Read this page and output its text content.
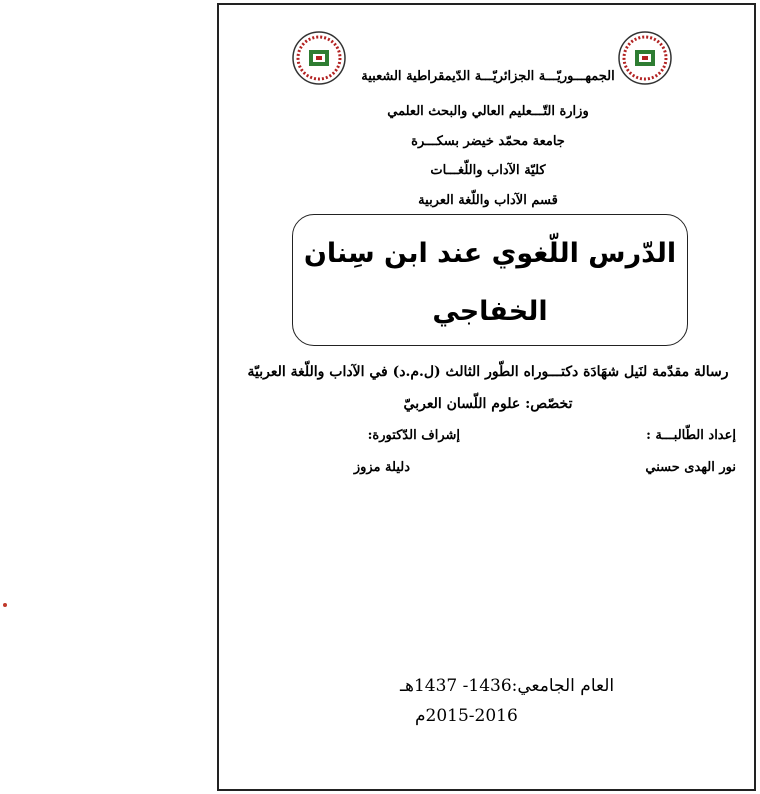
الجمهـــوريّـــة الجزائريّـــة الدّيمقراطية الشعبية
وزارة التّـــعليم العالي والبحث العلمي
جامعة محمّد خيضر بسكـــرة
كليّة الآداب واللّغـــات
قسم الآداب واللّغة العربية
الدّرس اللّغوي عند ابن سِنان
الخفاجي
رسالة مقدّمة لنَيل شهَادَة دكتـــوراه الطّور الثالث (ل.م.د) في الآداب واللّغة العربيّة
تخصّص: علوم اللّسان العربيّ
إعداد الطّالبـــة :
إشراف الدّكتورة:
نور الهدى حسني
دليلة مزوز
العام الجامعي:1436- 1437هـ
2015-2016م
